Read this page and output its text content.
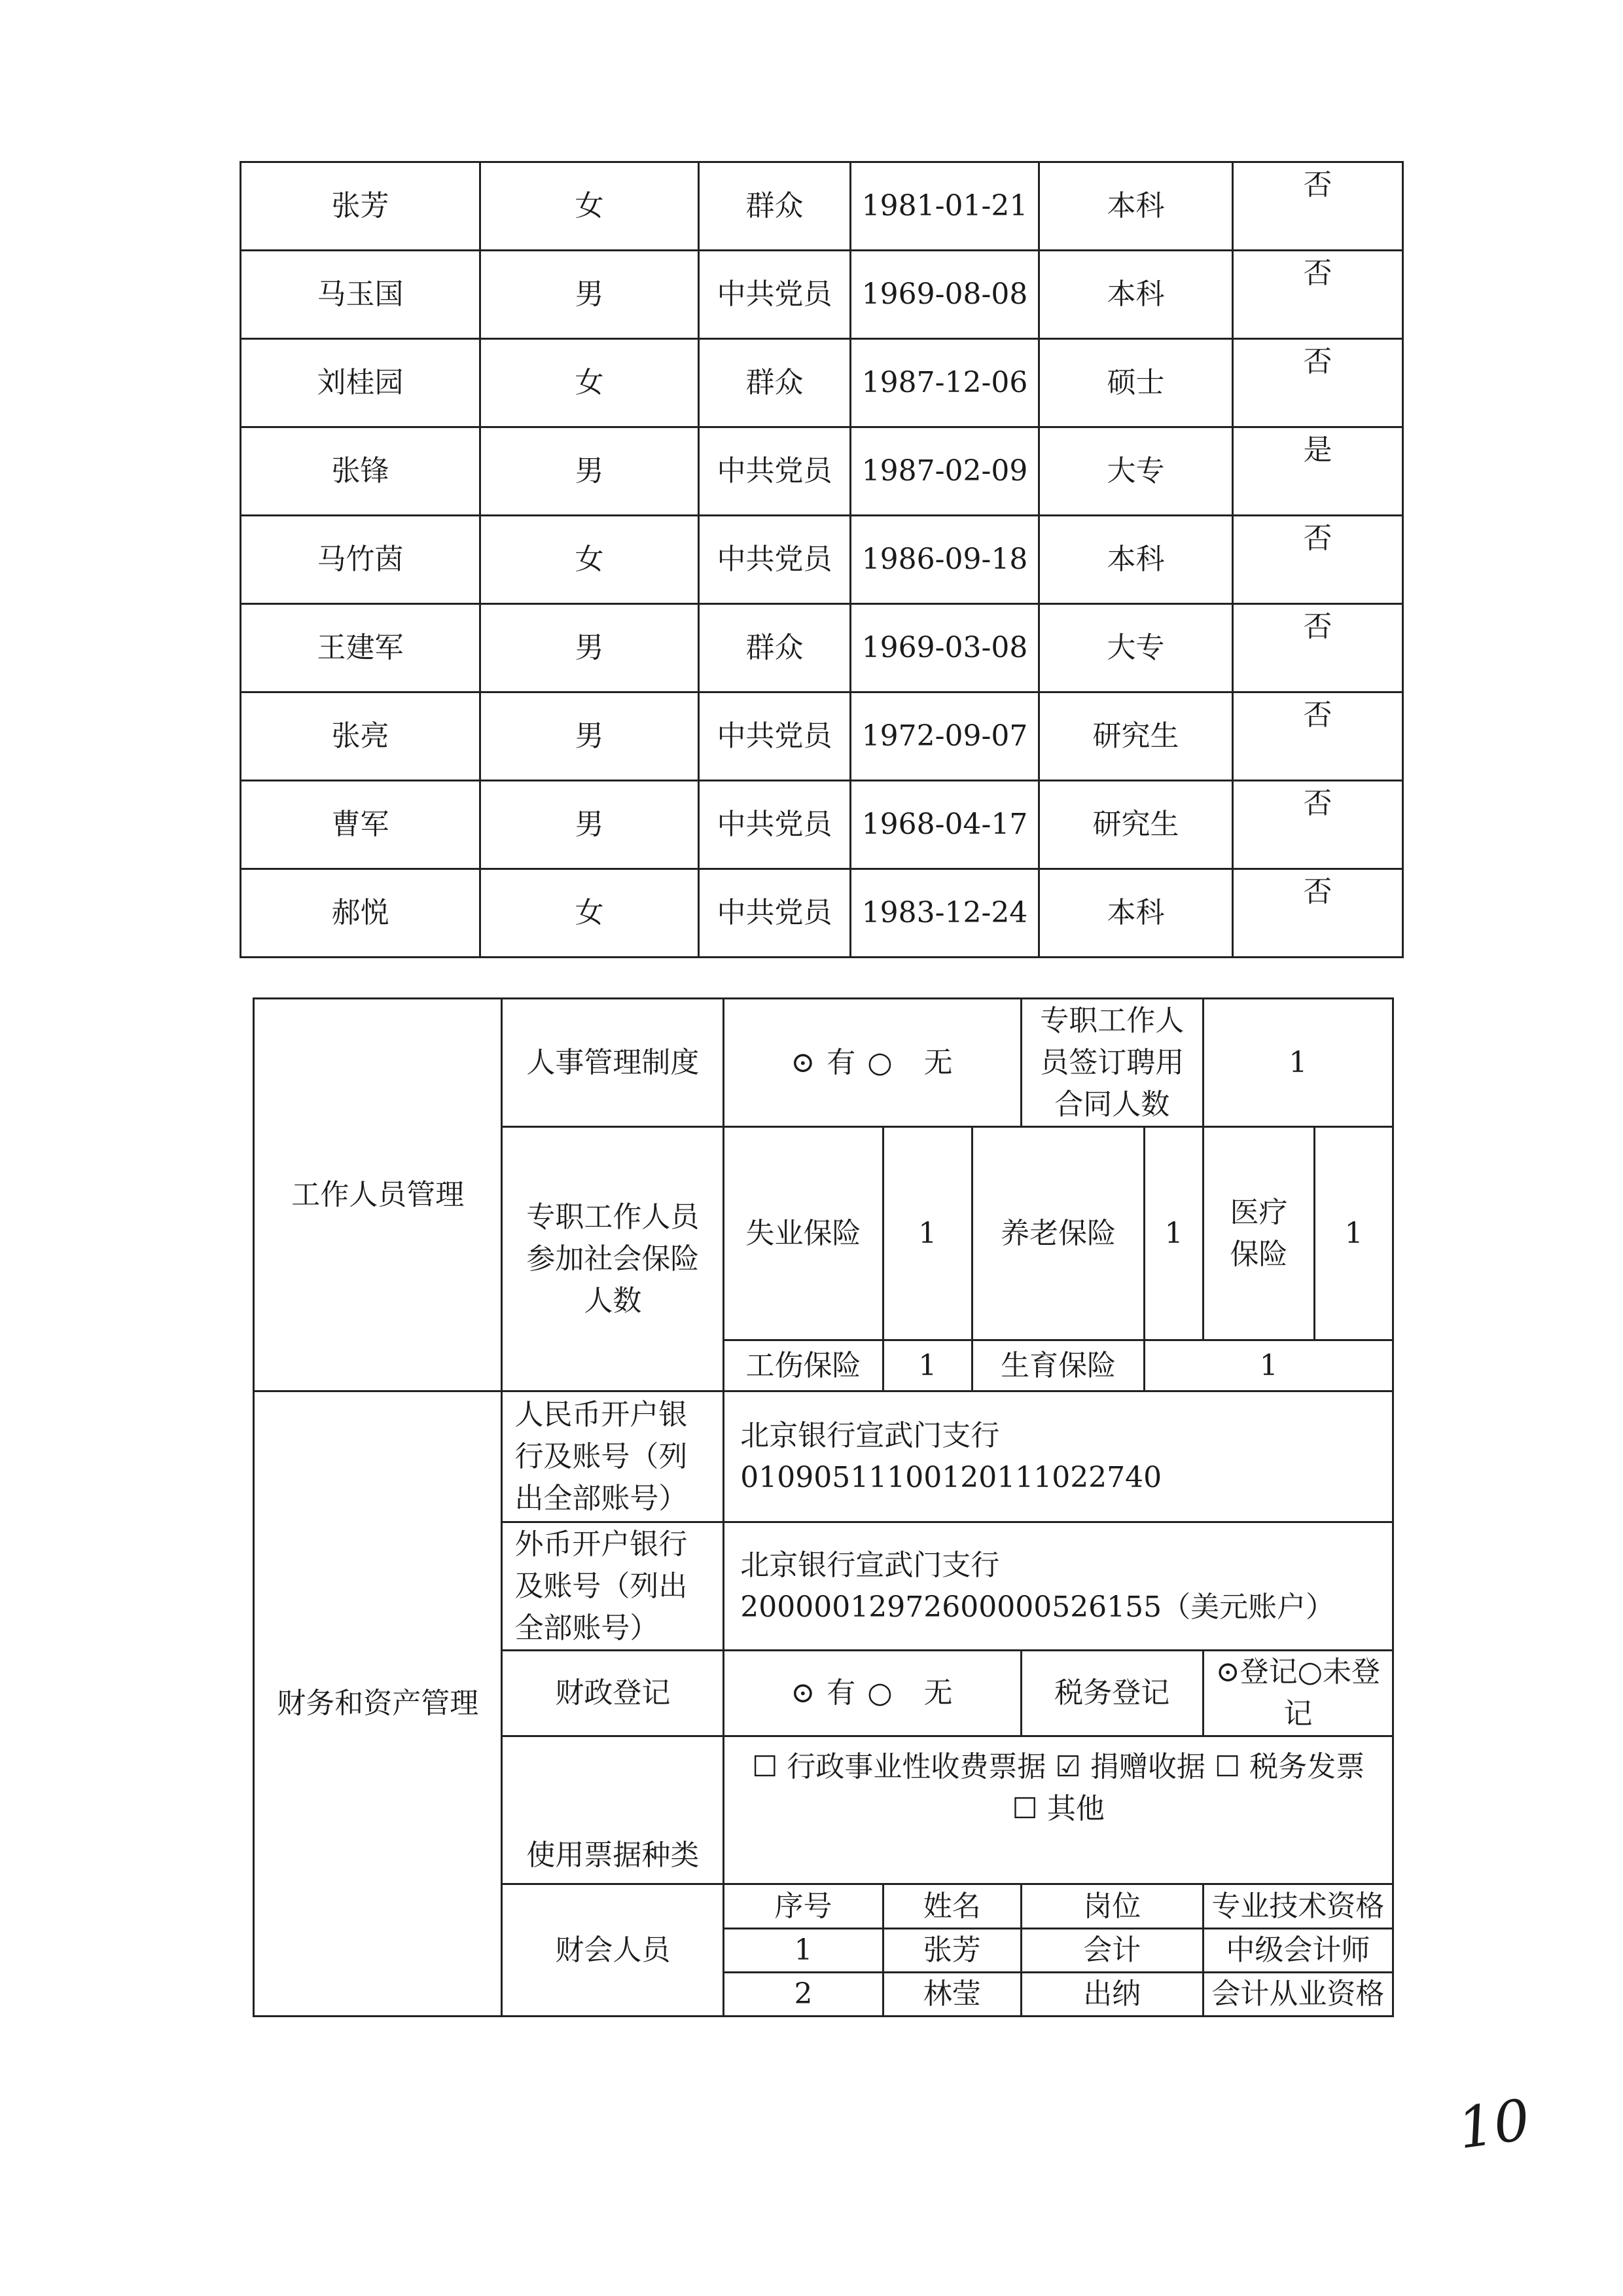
张芳	女	群众	1981-01-21	本科	否
马玉国	男	中共党员	1969-08-08	本科	否
刘桂园	女	群众	1987-12-06	硕士	否
张锋	男	中共党员	1987-02-09	大专	是
马竹茵	女	中共党员	1986-09-18	本科	否
王建军	男	群众	1969-03-08	大专	否
张亮	男	中共党员	1972-09-07	研究生	否
曹军	男	中共党员	1968-04-17	研究生	否
郝悦	女	中共党员	1983-12-24	本科	否
工作人员管理	人事管理制度	⊙ 有 ○　无			专职工作人员签订聘用合同人数		1	
	专职工作人员参加社会保险人数	失业保险	1	养老保险		1	医疗保险	1
		工伤保险	1	生育保险		1		
财务和资产管理	人民币开户银行及账号（列出全部账号）	北京银行宣武门支行　01090511100120111022740						
	外币开户银行及账号（列出全部账号）	北京银行宣武门支行 20000012972600000526155（美元账户）						
	财政登记	⊙ 有 ○　无			税务登记		⊙登记○未登记	
	使用票据种类	☐ 行政事业性收费票据 ☑ 捐赠收据 ☐ 税务发票 ☐ 其他						
	财会人员	序号	姓名		岗位		专业技术资格	
		1	张芳		会计		中级会计师	
		2	林莹		出纳		会计从业资格	
10
